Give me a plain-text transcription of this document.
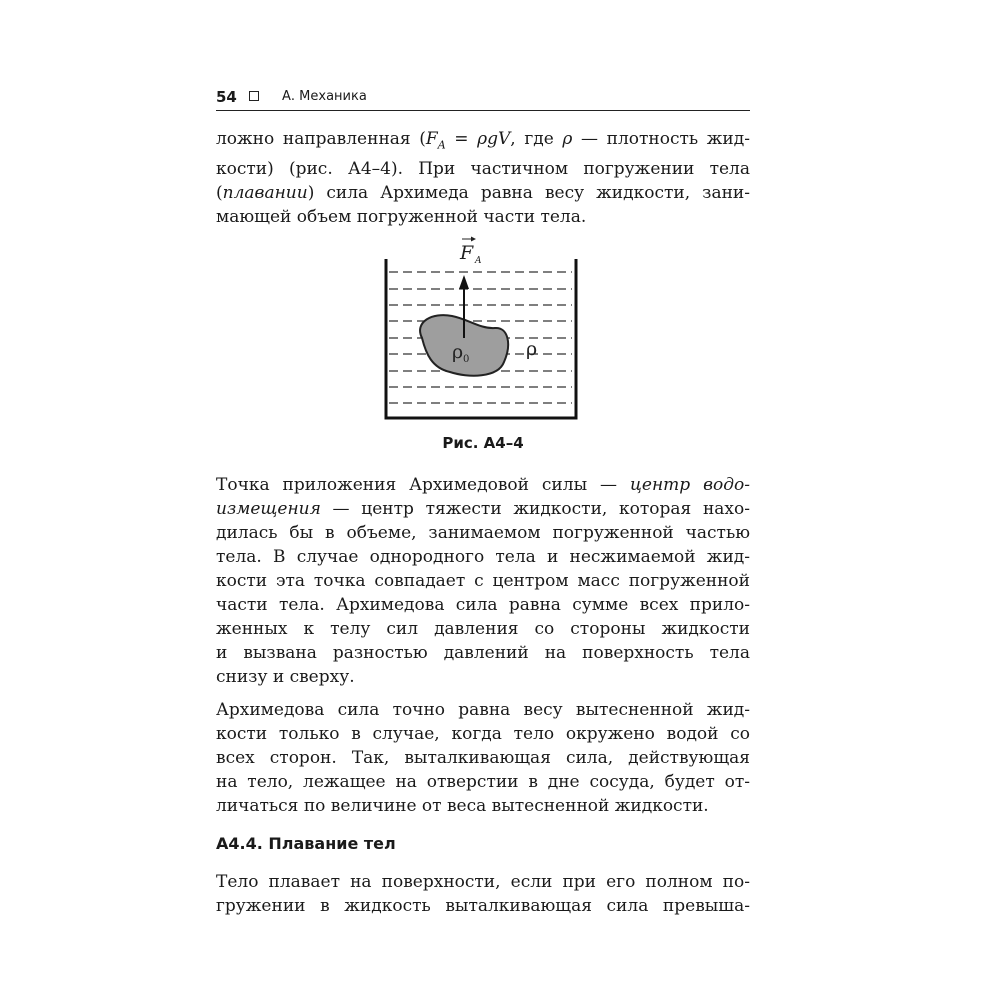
54	А. Механика
ложно направленная ($F_A = \rho gV$, где ρ — плотность жид-
кости) (рис. А4–4). При частичном погружении тела
(плавании) сила Архимеда равна весу жидкости, зани-
мающей объем погруженной части тела.
F A
ρ 0	ρ
Рис. А4–4
Точка приложения Архимедовой силы — центр водо-
измещения — центр тяжести жидкости, которая нахо-
дилась бы в объеме, занимаемом погруженной частью
тела. В случае однородного тела и несжимаемой жид-
кости эта точка совпадает с центром масс погруженной
части тела. Архимедова сила равна сумме всех прило-
женных к телу сил давления со стороны жидкости
и вызвана разностью давлений на поверхность тела
снизу и сверху.
Архимедова сила точно равна весу вытесненной жид-
кости только в случае, когда тело окружено водой со
всех сторон. Так, выталкивающая сила, действующая
на тело, лежащее на отверстии в дне сосуда, будет от-
личаться по величине от веса вытесненной жидкости.
А4.4. Плавание тел
Тело плавает на поверхности, если при его полном по-
гружении в жидкость выталкивающая сила превыша-
